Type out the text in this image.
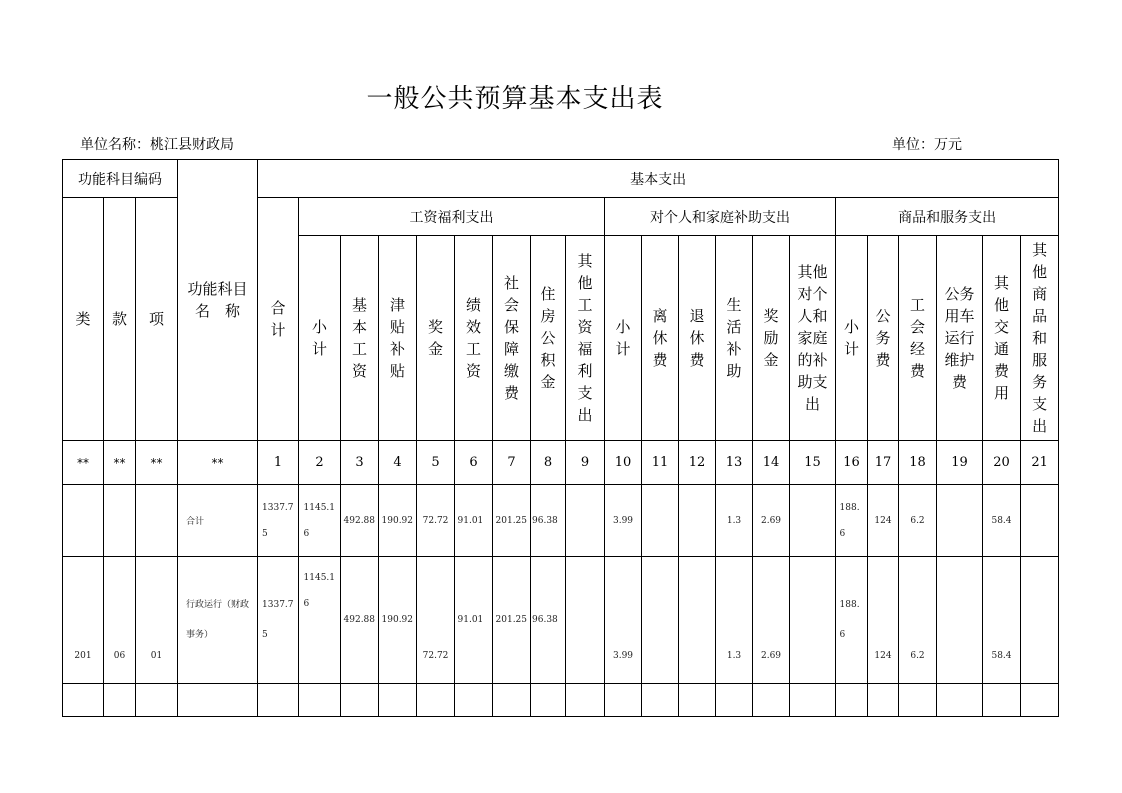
一般公共预算基本支出表
单位名称：桃江县财政局	单位：万元
功能科目编码			功能科目名　称	基本支出																				

类	款	项		合计	工资福利支出								对个人和家庭补助支出						商品和服务支出					

					小计	基本工资	津贴补贴	奖金	绩效工资	社会保障缴费	住房公积金	其他工资福利支出	小计	离休费	退休费	生活补助	奖励金	其他对个人和家庭的补助支出	小计	公务费	工会经费	公务用车运行维护费	其他交通费用	其他商品和服务支出

**	**	**	**	1	2	3	4	5	6	7	8	9	10	11	12	13	14	15	16	17	18	19	20	21
			合计	1337.75	1145.16	492.88	190.92	72.72	91.01	201.25	96.38		3.99			1.3	2.69		188.6	124	6.2		58.4	
201	06	01	行政运行（财政事务）	1337.75	1145.16	492.88	190.92	72.72	91.01	201.25	96.38		3.99			1.3	2.69		188.6	124	6.2		58.4	
